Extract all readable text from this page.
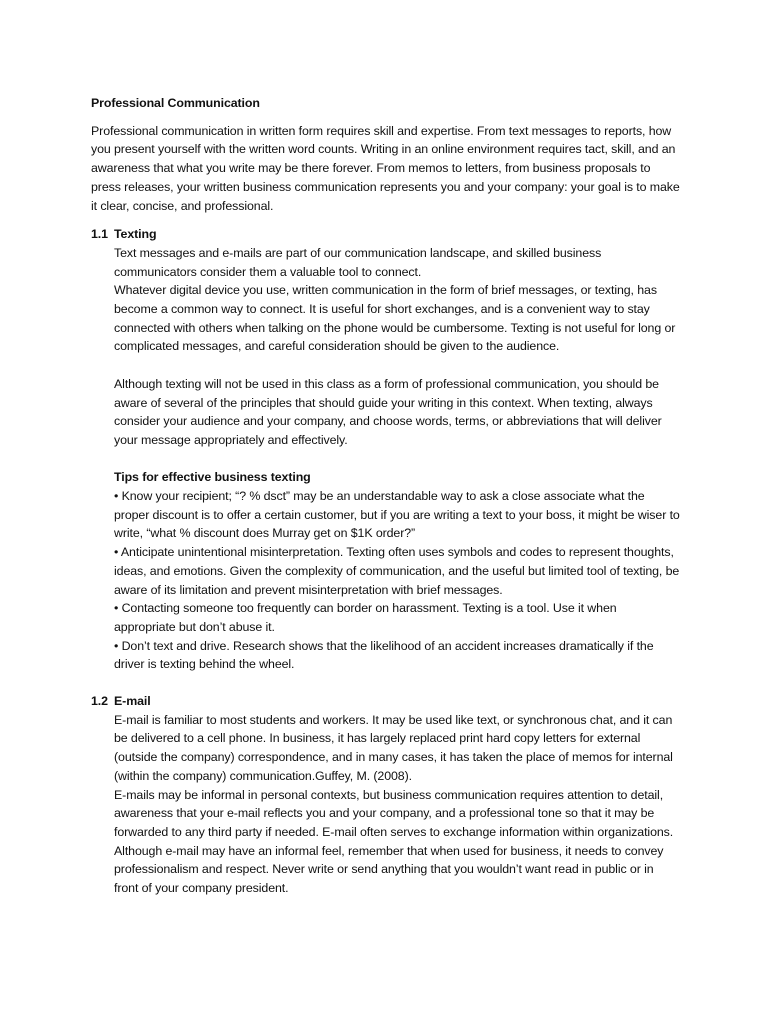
Professional Communication

Professional communication in written form requires skill and expertise. From text messages to reports, how you present yourself with the written word counts. Writing in an online environment requires tact, skill, and an awareness that what you write may be there forever. From memos to letters, from business proposals to press releases, your written business communication represents you and your company: your goal is to make it clear, concise, and professional.

1.1 Texting

Text messages and e-mails are part of our communication landscape, and skilled business communicators consider them a valuable tool to connect.

Whatever digital device you use, written communication in the form of brief messages, or texting, has become a common way to connect. It is useful for short exchanges, and is a convenient way to stay connected with others when talking on the phone would be cumbersome. Texting is not useful for long or complicated messages, and careful consideration should be given to the audience.

Although texting will not be used in this class as a form of professional communication, you should be aware of several of the principles that should guide your writing in this context. When texting, always consider your audience and your company, and choose words, terms, or abbreviations that will deliver your message appropriately and effectively.

Tips for effective business texting

• Know your recipient; “? % dsct” may be an understandable way to ask a close associate what the proper discount is to offer a certain customer, but if you are writing a text to your boss, it might be wiser to write, “what % discount does Murray get on $1K order?”

• Anticipate unintentional misinterpretation. Texting often uses symbols and codes to represent thoughts, ideas, and emotions. Given the complexity of communication, and the useful but limited tool of texting, be aware of its limitation and prevent misinterpretation with brief messages.

• Contacting someone too frequently can border on harassment. Texting is a tool. Use it when appropriate but don’t abuse it.

• Don’t text and drive. Research shows that the likelihood of an accident increases dramatically if the driver is texting behind the wheel.

1.2 E-mail

E-mail is familiar to most students and workers. It may be used like text, or synchronous chat, and it can be delivered to a cell phone. In business, it has largely replaced print hard copy letters for external (outside the company) correspondence, and in many cases, it has taken the place of memos for internal (within the company) communication.Guffey, M. (2008).

E-mails may be informal in personal contexts, but business communication requires attention to detail, awareness that your e-mail reflects you and your company, and a professional tone so that it may be forwarded to any third party if needed. E-mail often serves to exchange information within organizations. Although e-mail may have an informal feel, remember that when used for business, it needs to convey professionalism and respect. Never write or send anything that you wouldn’t want read in public or in front of your company president.
